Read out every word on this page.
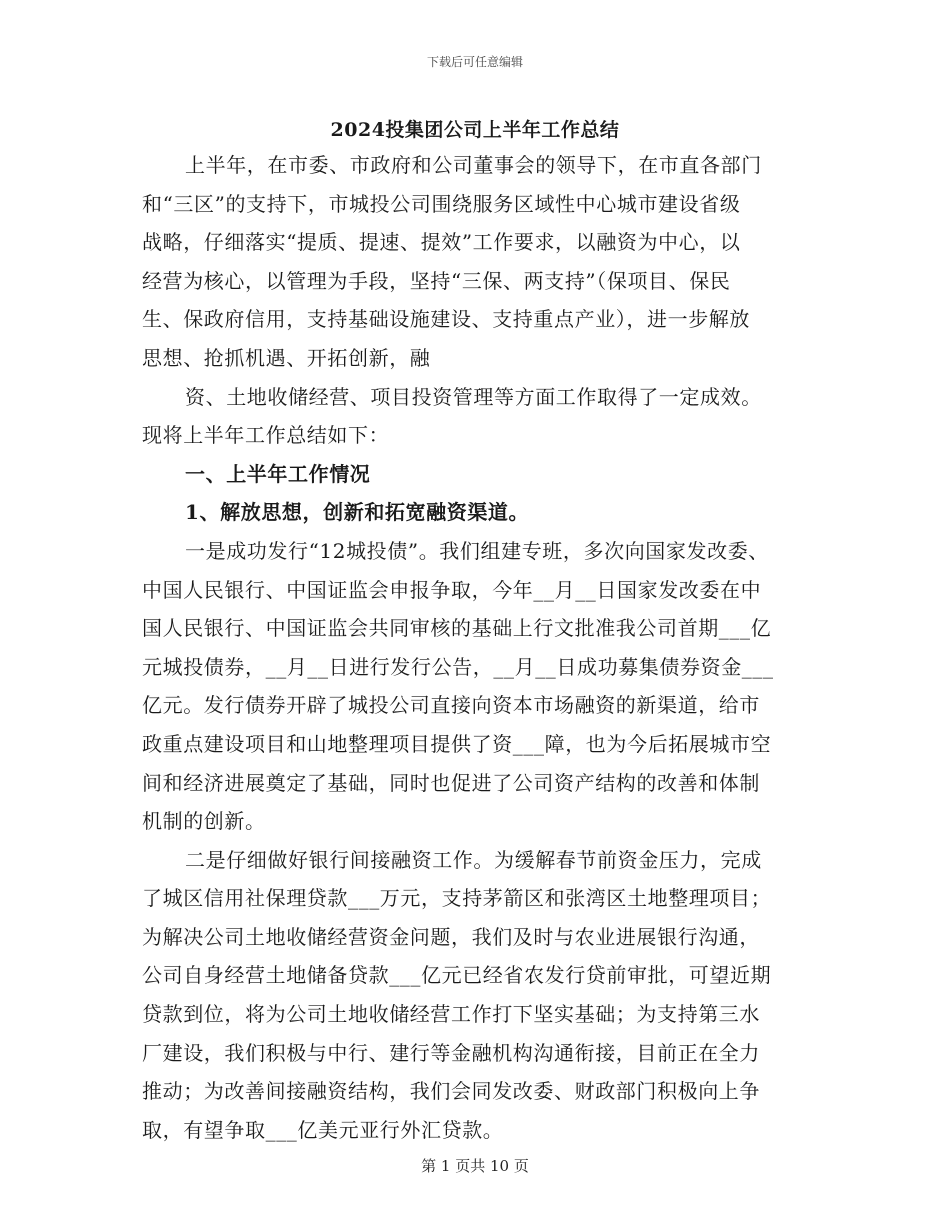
下载后可任意编辑
2024投集团公司上半年工作总结
上半年，在市委、市政府和公司董事会的领导下，在市直各部门
和“三区”的支持下，市城投公司围绕服务区域性中心城市建设省级
战略，仔细落实“提质、提速、提效”工作要求，以融资为中心，以
经营为核心，以管理为手段，坚持“三保、两支持”（保项目、保民
生、保政府信用，支持基础设施建设、支持重点产业），进一步解放
思想、抢抓机遇、开拓创新，融
资、土地收储经营、项目投资管理等方面工作取得了一定成效。
现将上半年工作总结如下：
一、上半年工作情况
1、解放思想，创新和拓宽融资渠道。
一是成功发行“12城投债”。我们组建专班，多次向国家发改委、
中国人民银行、中国证监会申报争取，今年__月__日国家发改委在中
国人民银行、中国证监会共同审核的基础上行文批准我公司首期___亿
元城投债券，__月__日进行发行公告，__月__日成功募集债券资金___
亿元。发行债券开辟了城投公司直接向资本市场融资的新渠道，给市
政重点建设项目和山地整理项目提供了资___障，也为今后拓展城市空
间和经济进展奠定了基础，同时也促进了公司资产结构的改善和体制
机制的创新。
二是仔细做好银行间接融资工作。为缓解春节前资金压力，完成
了城区信用社保理贷款___万元，支持茅箭区和张湾区土地整理项目；
为解决公司土地收储经营资金问题，我们及时与农业进展银行沟通，
公司自身经营土地储备贷款___亿元已经省农发行贷前审批，可望近期
贷款到位，将为公司土地收储经营工作打下坚实基础；为支持第三水
厂建设，我们积极与中行、建行等金融机构沟通衔接，目前正在全力
推动；为改善间接融资结构，我们会同发改委、财政部门积极向上争
取，有望争取___亿美元亚行外汇贷款。
第 1 页共 10 页
